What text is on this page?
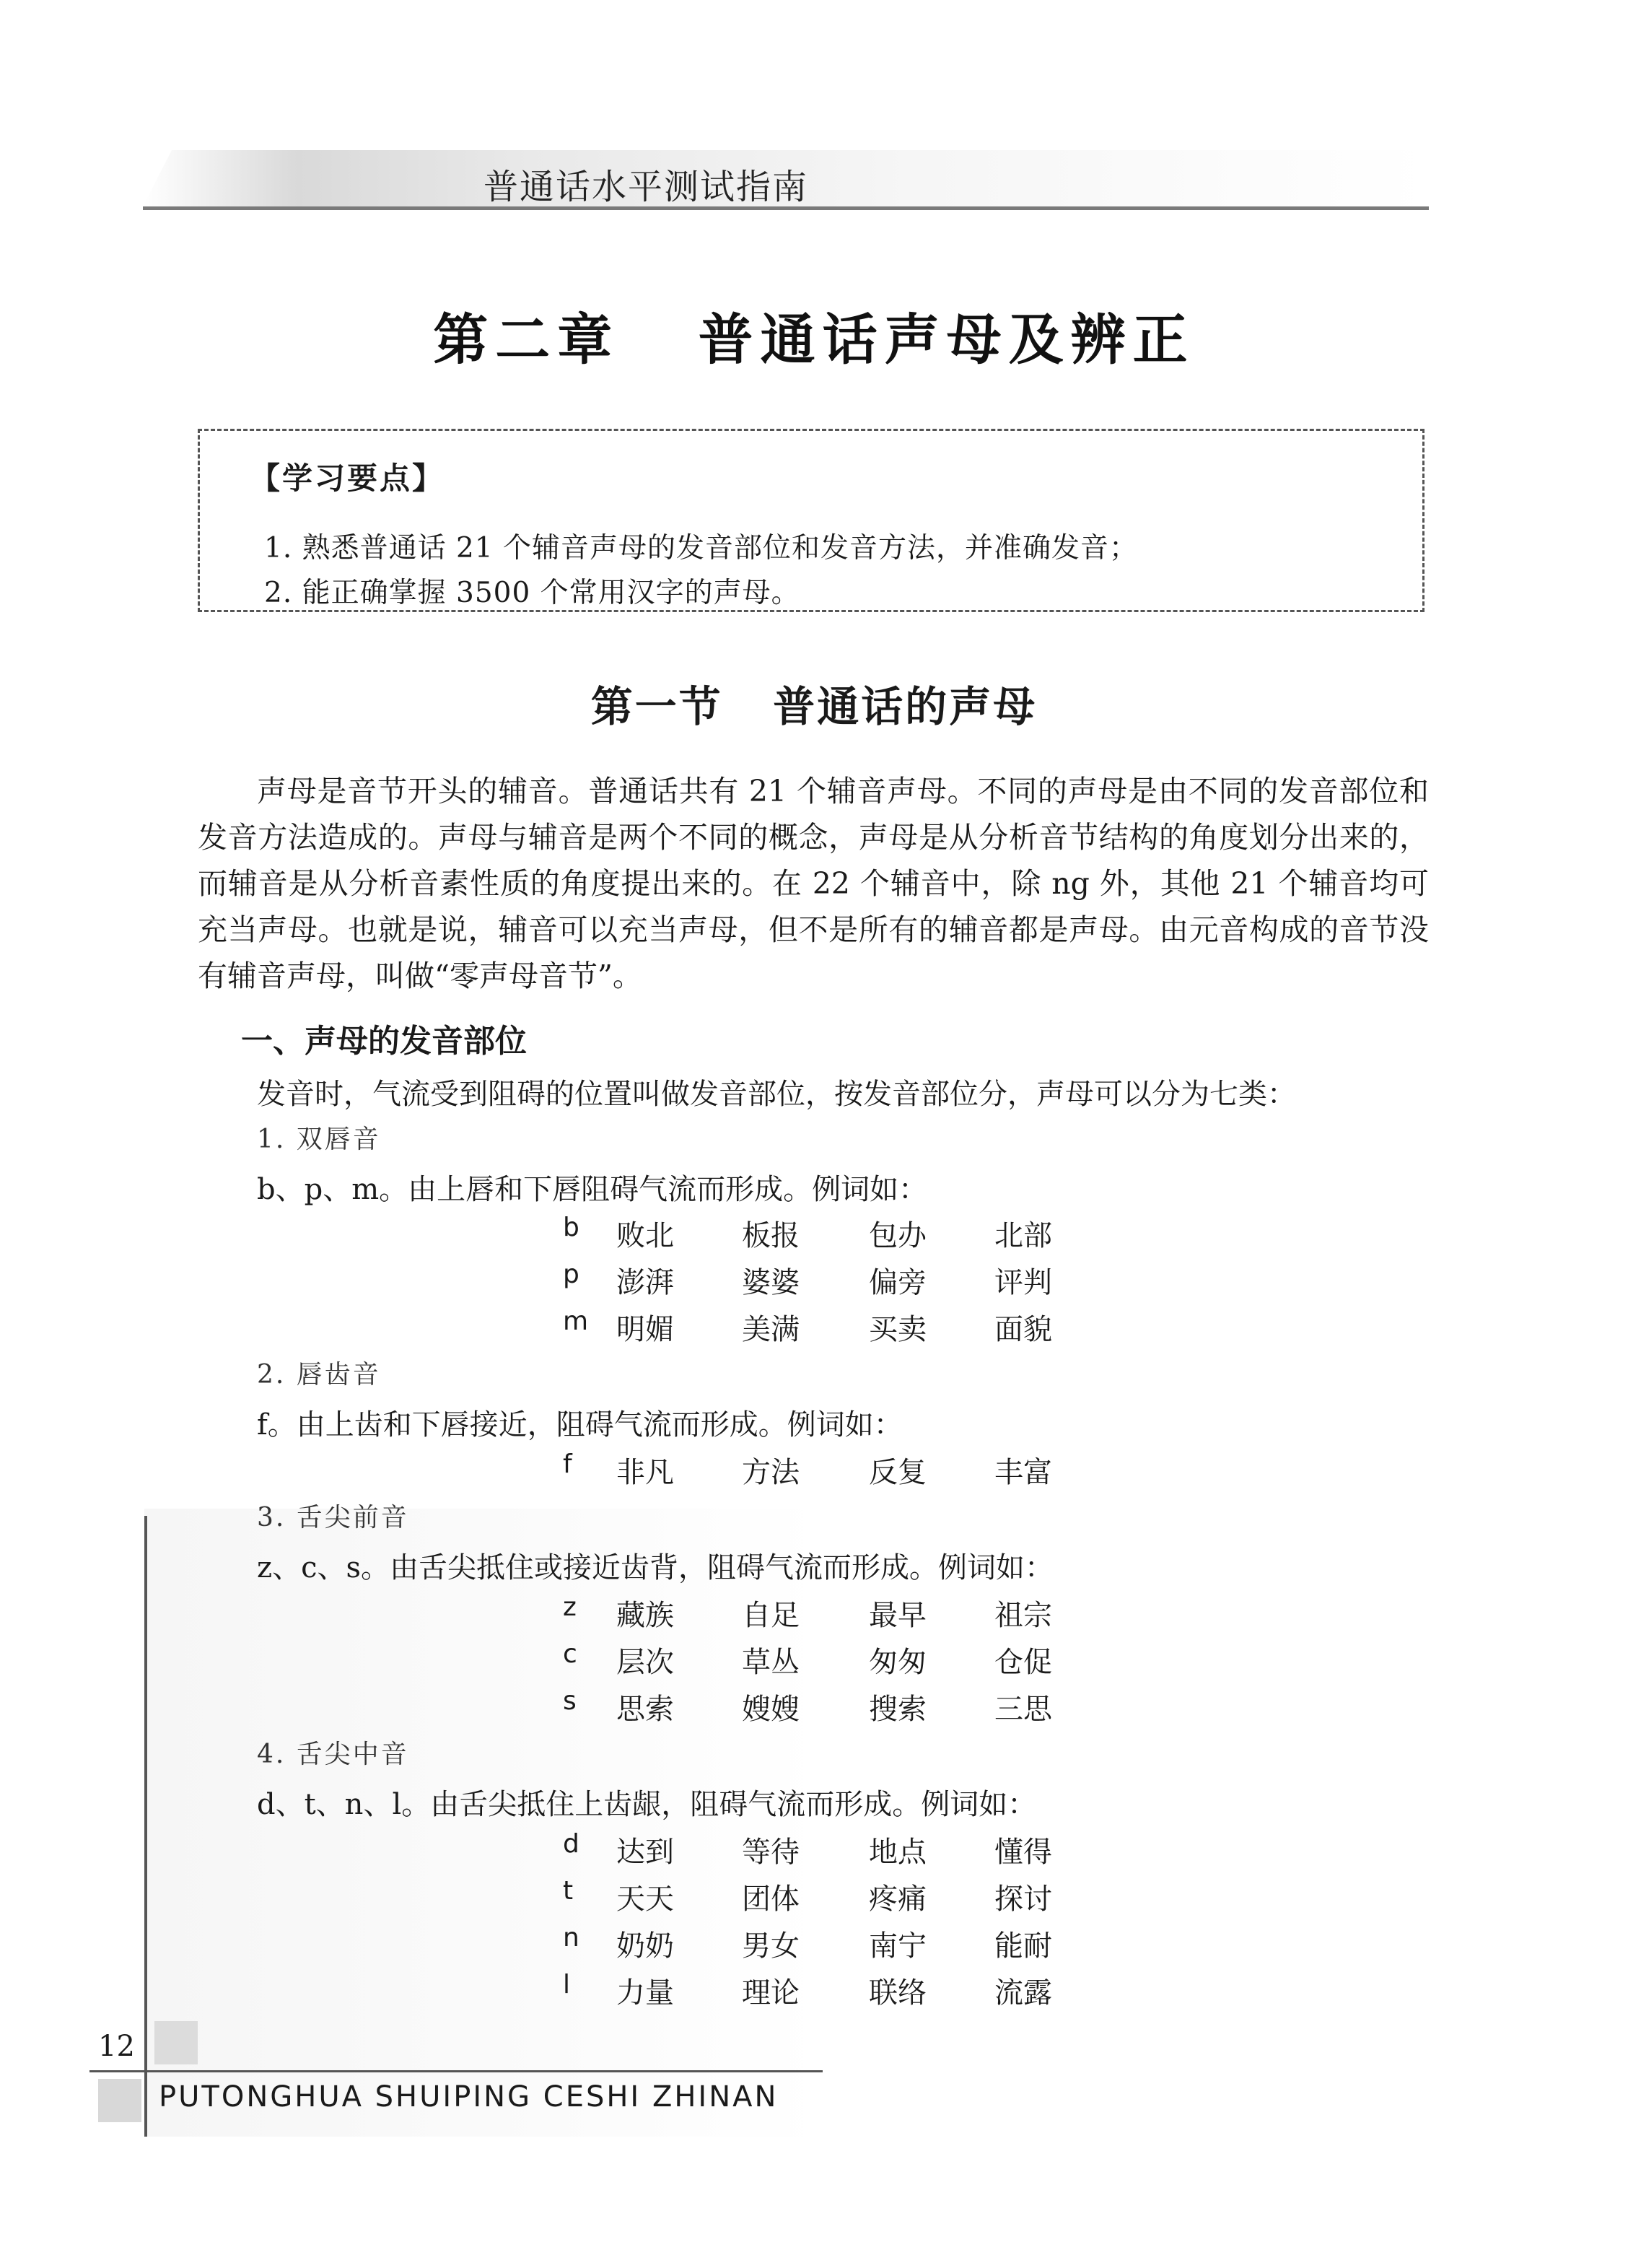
普通话水平测试指南
第二章   普通话声母及辨正
【学习要点】
1. 熟悉普通话 21 个辅音声母的发音部位和发音方法，并准确发音；
2. 能正确掌握 3500 个常用汉字的声母。
第一节   普通话的声母
声母是音节开头的辅音。普通话共有 21 个辅音声母。不同的声母是由不同的发音部位和发音方法造成的。声母与辅音是两个不同的概念，声母是从分析音节结构的角度划分出来的，而辅音是从分析音素性质的角度提出来的。在 22 个辅音中，除 ng 外，其他 21 个辅音均可充当声母。也就是说，辅音可以充当声母，但不是所有的辅音都是声母。由元音构成的音节没有辅音声母，叫做“零声母音节”。
一、声母的发音部位
发音时，气流受到阻碍的位置叫做发音部位，按发音部位分，声母可以分为七类：
1. 双唇音
b、p、m。由上唇和下唇阻碍气流而形成。例词如：
b 败北 板报 包办 北部
p 澎湃 婆婆 偏旁 评判
m 明媚 美满 买卖 面貌
2. 唇齿音
f。由上齿和下唇接近，阻碍气流而形成。例词如：
f 非凡 方法 反复 丰富
3. 舌尖前音
z、c、s。由舌尖抵住或接近齿背，阻碍气流而形成。例词如：
z 藏族 自足 最早 祖宗
c 层次 草丛 匆匆 仓促
s 思索 嫂嫂 搜索 三思
4. 舌尖中音
d、t、n、l。由舌尖抵住上齿龈，阻碍气流而形成。例词如：
d 达到 等待 地点 懂得
t 天天 团体 疼痛 探讨
n 奶奶 男女 南宁 能耐
l 力量 理论 联络 流露
12
PUTONGHUA SHUIPING CESHI ZHINAN
